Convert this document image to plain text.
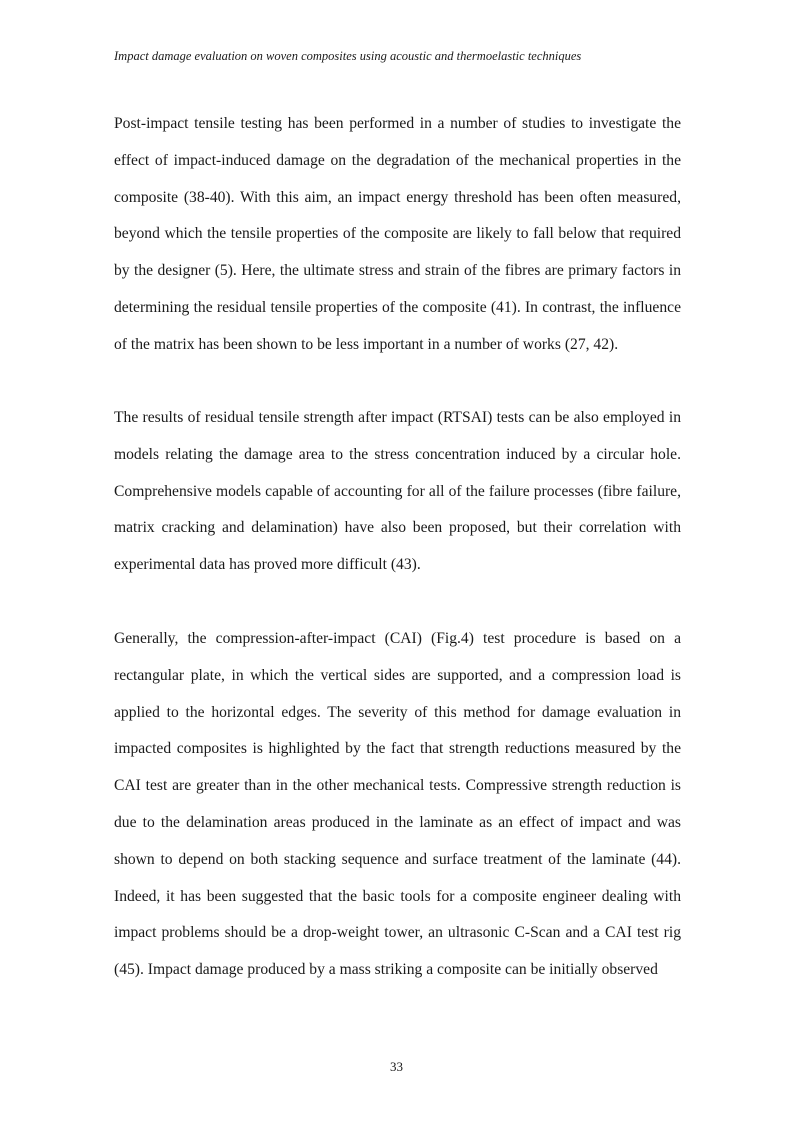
Impact damage evaluation on woven composites using acoustic and thermoelastic techniques

Post-impact tensile testing has been performed in a number of studies to investigate the effect of impact-induced damage on the degradation of the mechanical properties in the composite (38-40). With this aim, an impact energy threshold has been often measured, beyond which the tensile properties of the composite are likely to fall below that required by the designer (5). Here, the ultimate stress and strain of the fibres are primary factors in determining the residual tensile properties of the composite (41). In contrast, the influence of the matrix has been shown to be less important in a number of works (27, 42).

The results of residual tensile strength after impact (RTSAI) tests can be also employed in models relating the damage area to the stress concentration induced by a circular hole. Comprehensive models capable of accounting for all of the failure processes (fibre failure, matrix cracking and delamination) have also been proposed, but their correlation with experimental data has proved more difficult (43).

Generally, the compression-after-impact (CAI) (Fig.4) test procedure is based on a rectangular plate, in which the vertical sides are supported, and a compression load is applied to the horizontal edges. The severity of this method for damage evaluation in impacted composites is highlighted by the fact that strength reductions measured by the CAI test are greater than in the other mechanical tests. Compressive strength reduction is due to the delamination areas produced in the laminate as an effect of impact and was shown to depend on both stacking sequence and surface treatment of the laminate (44). Indeed, it has been suggested that the basic tools for a composite engineer dealing with impact problems should be a drop-weight tower, an ultrasonic C-Scan and a CAI test rig (45). Impact damage produced by a mass striking a composite can be initially observed

33
